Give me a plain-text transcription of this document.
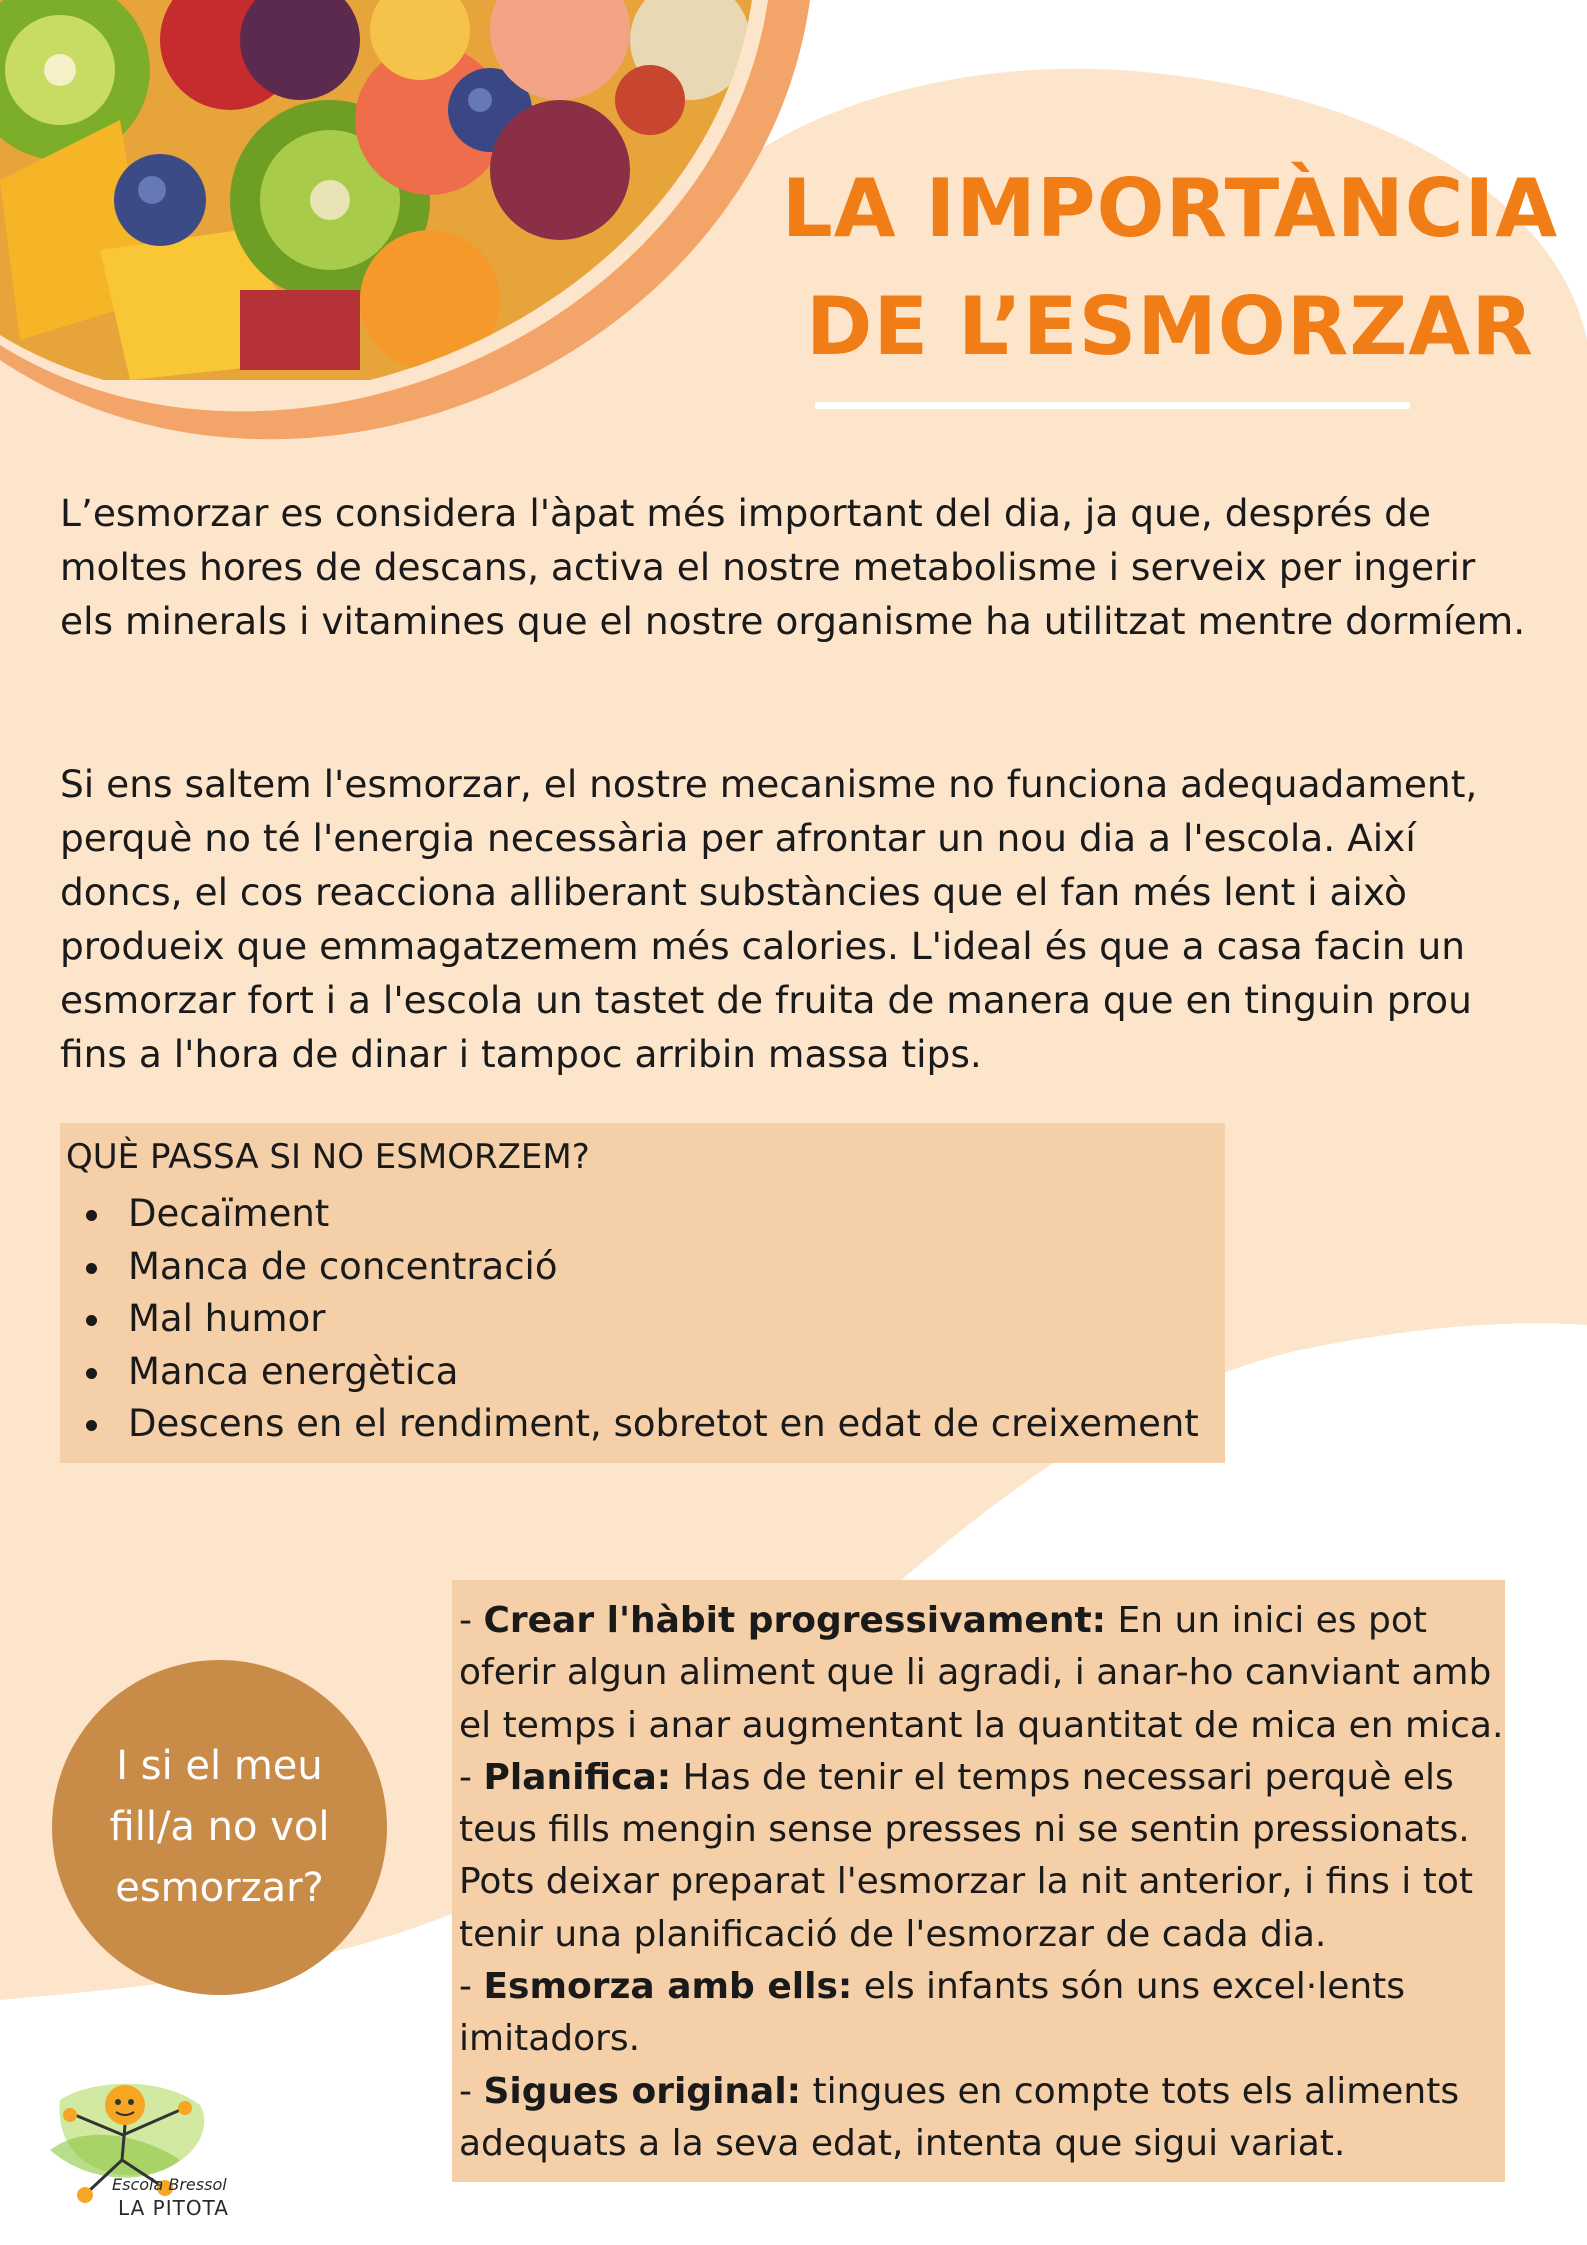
LA IMPORTÀNCIA
DE L’ESMORZAR

L’esmorzar es considera l'àpat més important del dia, ja que, després de moltes hores de descans, activa el nostre metabolisme i serveix per ingerir els minerals i vitamines que el nostre organisme ha utilitzat mentre dormíem.

Si ens saltem l'esmorzar, el nostre mecanisme no funciona adequadament, perquè no té l'energia necessària per afrontar un nou dia a l'escola. Així doncs, el cos reacciona alliberant substàncies que el fan més lent i això produeix que emmagatzemem més calories. L'ideal és que a casa facin un esmorzar fort i a l'escola un tastet de fruita de manera que en tinguin prou fins a l'hora de dinar i tampoc arribin massa tips.

QUÈ PASSA SI NO ESMORZEM?
Decaïment
Manca de concentració
Mal humor
Manca energètica
Descens en el rendiment, sobretot en edat de creixement
I si el meu fill/a no vol esmorzar?
- Crear l'hàbit progressivament: En un inici es pot oferir algun aliment que li agradi, i anar-ho canviant amb el temps i anar augmentant la quantitat de mica en mica.
- Planifica: Has de tenir el temps necessari perquè els teus fills mengin sense presses ni se sentin pressionats. Pots deixar preparat l'esmorzar la nit anterior, i fins i tot tenir una planificació de l'esmorzar de cada dia.
- Esmorza amb ells: els infants són uns excel·lents imitadors.
- Sigues original: tingues en compte tots els aliments adequats a la seva edat, intenta que sigui variat.
Escola Bressol
LA PITOTA
